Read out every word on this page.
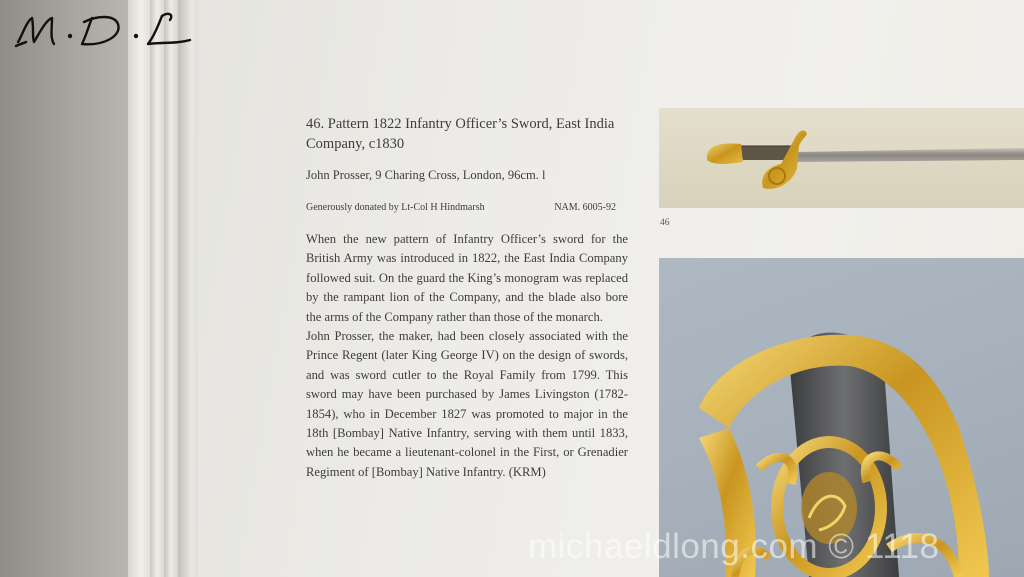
46. Pattern 1822 Infantry Officer’s Sword, East India Company, c1830
John Prosser, 9 Charing Cross, London, 96cm. l
Generously donated by Lt-Col H Hindmarsh	NAM. 6005-92

When the new pattern of Infantry Officer’s sword for the British Army was introduced in 1822, the East India Company followed suit. On the guard the King’s monogram was replaced by the rampant lion of the Company, and the blade also bore the arms of the Company rather than those of the monarch.

John Prosser, the maker, had been closely associated with the Prince Regent (later King George IV) on the design of swords, and was sword cutler to the Royal Family from 1799. This sword may have been purchased by James Livingston (1782-1854), who in December 1827 was promoted to major in the 18th [Bombay] Native Infantry, serving with them until 1833, when he became a lieutenant-colonel in the First, or Grenadier Regiment of [Bombay] Native Infantry. (KRM)

46
michaeldlong.com © 1118
